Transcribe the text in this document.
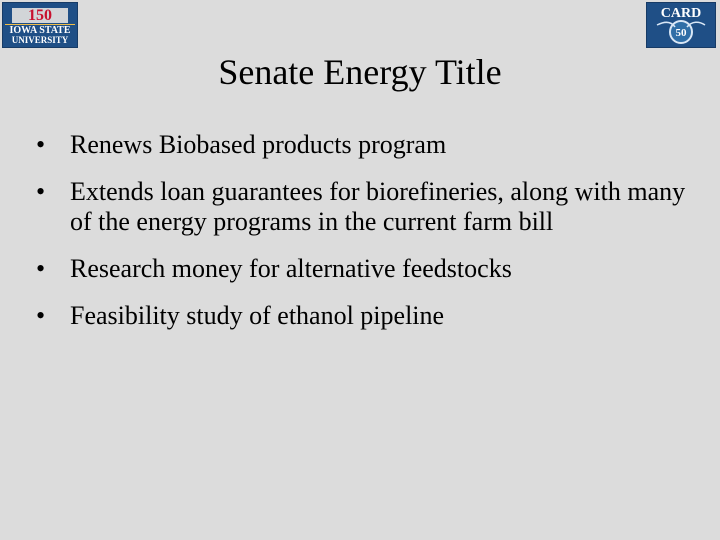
150
IOWA STATE
UNIVERSITY
CARD
50
Senate Energy Title
• Renews Biobased products program
• Extends loan guarantees for biorefineries, along with many of the energy programs in the current farm bill
• Research money for alternative feedstocks
• Feasibility study of ethanol pipeline
